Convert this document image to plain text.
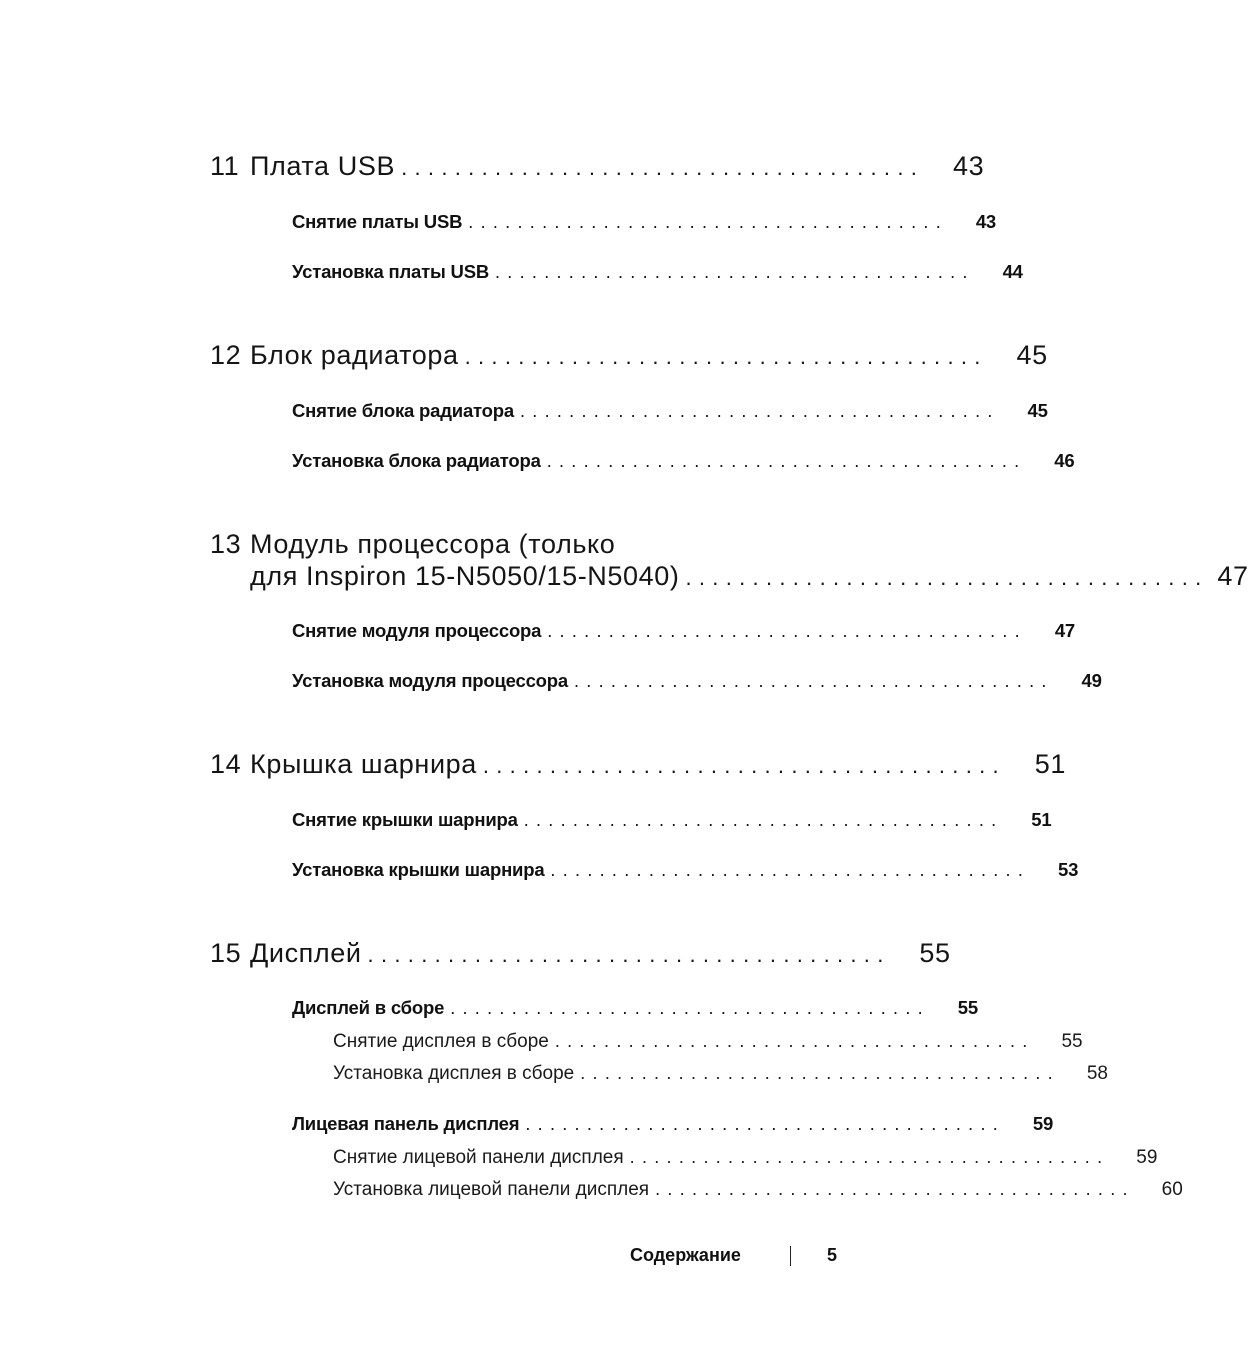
11 Плата USB .......................................	43
Снятие платы USB .......................................	43
Установка платы USB .......................................	44
12 Блок радиатора .......................................	45
Снятие блока радиатора .......................................	45
Установка блока радиатора .......................................	46
13 Модуль процессора (только
для Inspiron 15-N5050/15-N5040) ....................................... 47
Снятие модуля процессора .......................................	47
Установка модуля процессора .......................................	49
14 Крышка шарнира .......................................	51
Снятие крышки шарнира .......................................	51
Установка крышки шарнира .......................................	53
15 Дисплей .......................................	55
Дисплей в сборе .......................................	55
Снятие дисплея в сборе .......................................	55
Установка дисплея в сборе .......................................	58
Лицевая панель дисплея .......................................	59
Снятие лицевой панели дисплея .......................................	59
Установка лицевой панели дисплея .......................................	60
Содержание	5
